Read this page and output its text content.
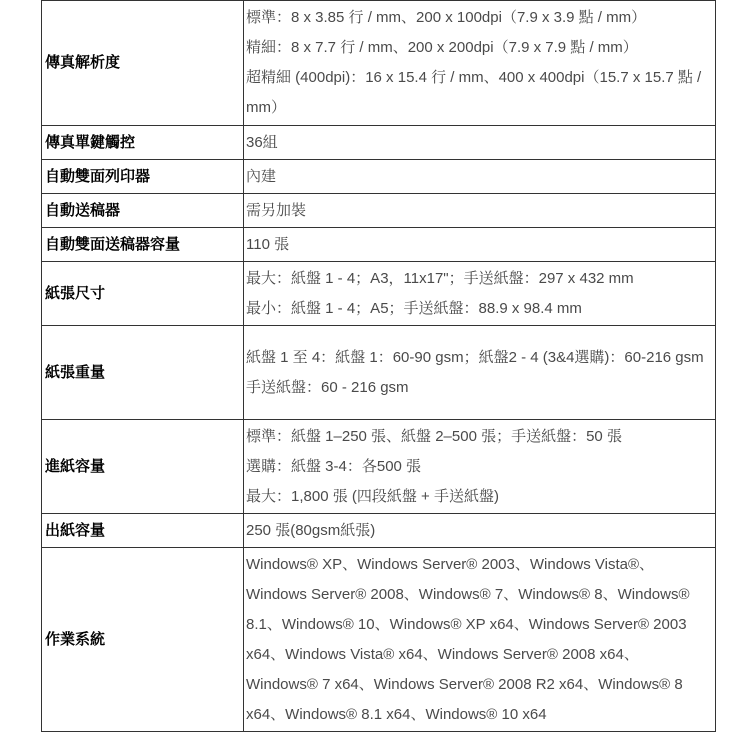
傳真解析度	標準：8 x 3.85 行 / mm、200 x 100dpi（7.9 x 3.9 點 / mm）
精細：8 x 7.7 行 / mm、200 x 200dpi（7.9 x 7.9 點 / mm）
超精細 (400dpi)：16 x 15.4 行 / mm、400 x 400dpi（15.7 x 15.7 點 / mm）

傳真單鍵觸控	36組

自動雙面列印器	內建

自動送稿器	需另加裝

自動雙面送稿器容量	110 張

紙張尺寸	最大：紙盤 1 - 4；A3，11x17"；手送紙盤：297 x 432 mm
最小：紙盤 1 - 4；A5；手送紙盤：88.9 x 98.4 mm

紙張重量	紙盤 1 至 4：紙盤 1：60-90 gsm；紙盤2 - 4 (3&4選購)：60-216 gsm
手送紙盤：60 - 216 gsm

進紙容量	標準：紙盤 1–250 張、紙盤 2–500 張；手送紙盤：50 張
選購：紙盤 3-4：各500 張
最大：1,800 張 (四段紙盤 + 手送紙盤)

出紙容量	250 張(80gsm紙張)

作業系統	Windows® XP、Windows Server® 2003、Windows Vista®、Windows Server® 2008、Windows® 7、Windows® 8、Windows® 8.1、Windows® 10、Windows® XP x64、Windows Server® 2003 x64、Windows Vista® x64、Windows Server® 2008 x64、 Windows® 7 x64、Windows Server® 2008 R2 x64、Windows® 8 x64、Windows® 8.1 x64、Windows® 10 x64
